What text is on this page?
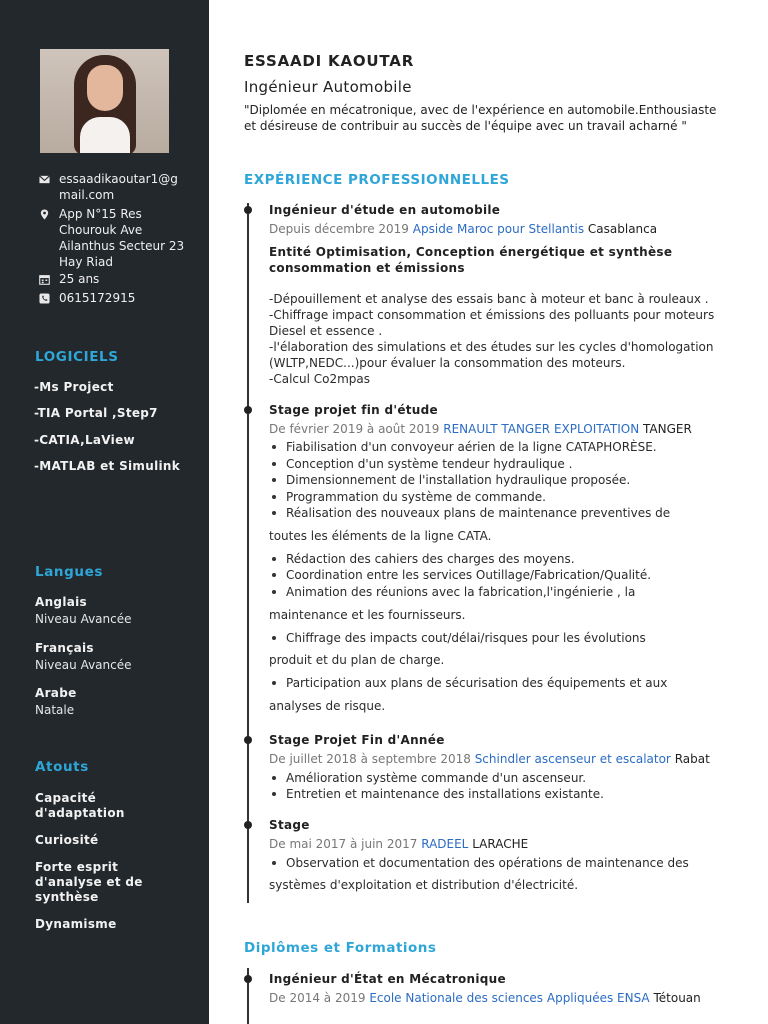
essaadikaoutar1@gmail.com
App N°15 Res Chourouk Ave Ailanthus Secteur 23 Hay Riad
25 ans
0615172915
LOGICIELS
-Ms Project
-TIA Portal ,Step7
-CATIA,LaView
-MATLAB et Simulink
Langues
Anglais
Niveau Avancée
Français
Niveau Avancée
Arabe
Natale
Atouts
Capacité d'adaptation
Curiosité
Forte esprit d'analyse et de synthèse
Dynamisme
ESSAADI KAOUTAR
Ingénieur Automobile
"Diplomée en mécatronique, avec de l'expérience en automobile.Enthousiaste et désireuse de contribuir au succès de l'équipe avec un travail acharné "
EXPÉRIENCE PROFESSIONNELLES
Ingénieur d'étude en automobile
Depuis décembre 2019 Apside Maroc pour Stellantis Casablanca
Entité Optimisation, Conception énergétique et synthèse consommation et émissions
-Dépouillement et analyse des essais banc à moteur et banc à rouleaux .
-Chiffrage impact consommation et émissions des polluants pour moteurs Diesel et essence .
-l'élaboration des simulations et des études sur les cycles d'homologation (WLTP,NEDC...)pour évaluer la consommation des moteurs.
-Calcul Co2mpas
Stage projet fin d'étude
De février 2019 à août 2019 RENAULT TANGER EXPLOITATION TANGER
Fiabilisation d'un convoyeur aérien de la ligne CATAPHORÈSE.
Conception d'un système tendeur hydraulique .
Dimensionnement de l'installation hydraulique proposée.
Programmation du système de commande.
Réalisation des nouveaux plans de maintenance preventives de
toutes les éléments de la ligne CATA.
Rédaction des cahiers des charges des moyens.
Coordination entre les services Outillage/Fabrication/Qualité.
Animation des réunions avec la fabrication,l'ingénierie , la
maintenance et les fournisseurs.
Chiffrage des impacts cout/délai/risques pour les évolutions
produit et du plan de charge.
Participation aux plans de sécurisation des équipements et aux
analyses de risque.
Stage Projet Fin d'Année
De juillet 2018 à septembre 2018 Schindler ascenseur et escalator Rabat
Amélioration système commande d'un ascenseur.
Entretien et maintenance des installations existante.
Stage
De mai 2017 à juin 2017 RADEEL LARACHE
Observation et documentation des opérations de maintenance des
systèmes d'exploitation et distribution d'électricité.
Diplômes et Formations
Ingénieur d'État en Mécatronique
De 2014 à 2019 Ecole Nationale des sciences Appliquées ENSA Tétouan
